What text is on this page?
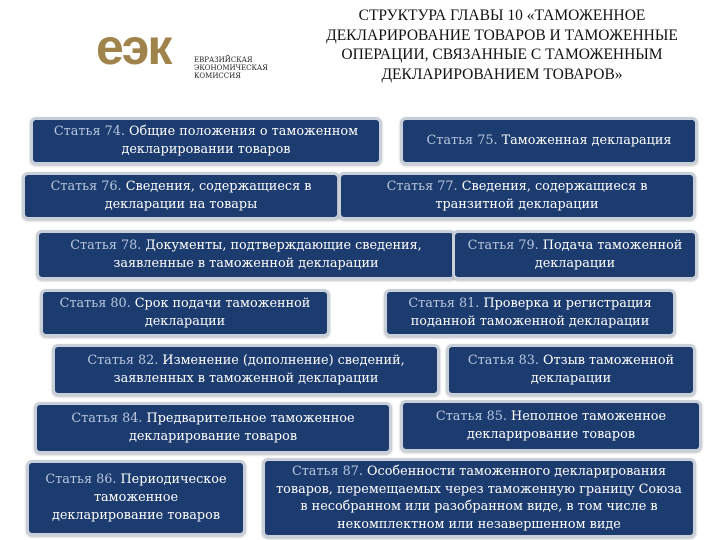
еэк	ЕВРАЗИЙСКАЯ
ЭКОНОМИЧЕСКАЯ
КОМИССИЯ
СТРУКТУРА ГЛАВЫ 10 «ТАМОЖЕННОЕ ДЕКЛАРИРОВАНИЕ ТОВАРОВ И ТАМОЖЕННЫЕ ОПЕРАЦИИ, СВЯЗАННЫЕ С ТАМОЖЕННЫМ ДЕКЛАРИРОВАНИЕМ ТОВАРОВ»
Статья 74. Общие положения о таможенном декларировании товаров
Статья 75. Таможенная декларация
Статья 76. Сведения, содержащиеся в декларации на товары
Статья 77. Сведения, содержащиеся в транзитной декларации
Статья 78. Документы, подтверждающие сведения, заявленные в таможенной декларации
Статья 79. Подача таможенной декларации
Статья 80. Срок подачи таможенной декларации
Статья 81. Проверка и регистрация поданной таможенной декларации
Статья 82. Изменение (дополнение) сведений, заявленных в таможенной декларации
Статья 83. Отзыв таможенной декларации
Статья 84. Предварительное таможенное декларирование товаров
Статья 85. Неполное таможенное декларирование товаров
Статья 86. Периодическое таможенное декларирование товаров
Статья 87. Особенности таможенного декларирования товаров, перемещаемых через таможенную границу Союза в несобранном или разобранном виде, в том числе в некомплектном или незавершенном виде
